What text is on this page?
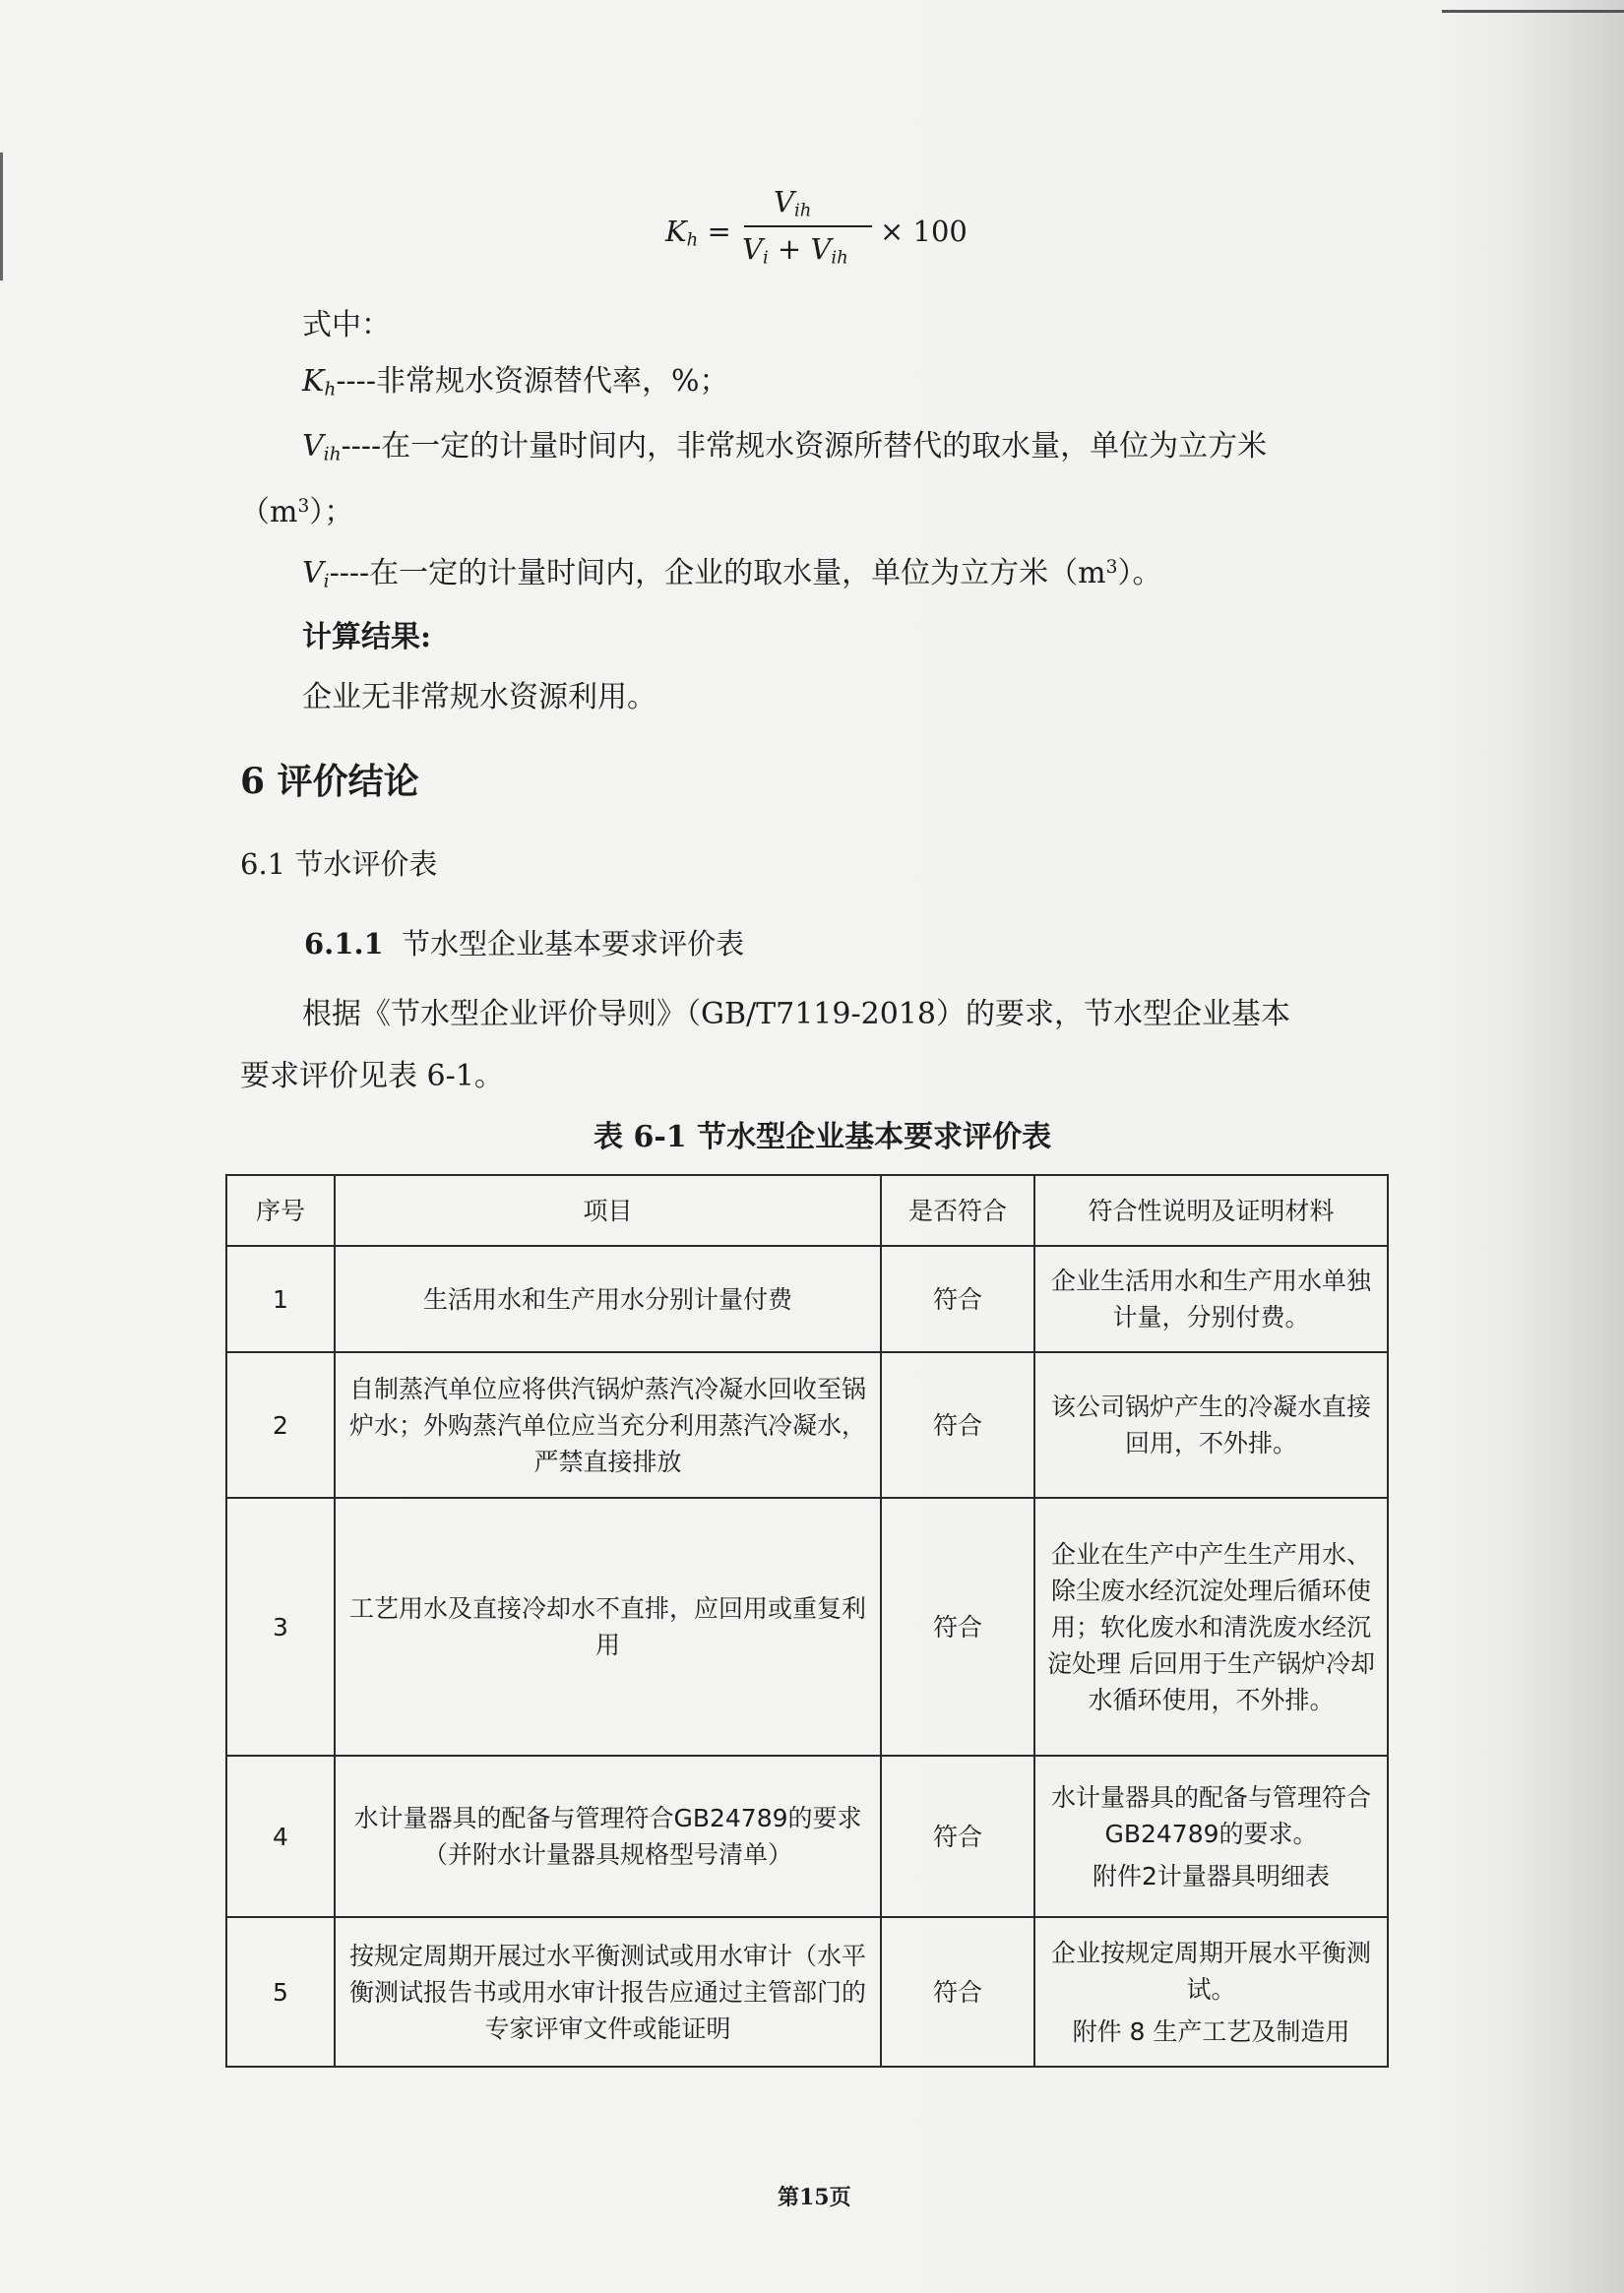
$K_h$ =
$V_{ih}$
$V_i + V_{ih}$
× 100
式中：
$K_h----$非常规水资源替代率，%；
$V_{ih}----$在一定的计量时间内，非常规水资源所替代的取水量，单位为立方米
$(m^3)$；
$V_i----$在一定的计量时间内，企业的取水量，单位为立方米$(m^3)$。
计算结果:
企业无非常规水资源利用。
6 评价结论
6.1 节水评价表
6.1.1 节水型企业基本要求评价表
根据《节水型企业评价导则》（GB/T7119-2018）的要求，节水型企业基本
要求评价见表 6-1。
表 6-1 节水型企业基本要求评价表
序号	项目	是否符合	符合性说明及证明材料
1	生活用水和生产用水分别计量付费	符合	企业生活用水和生产用水单独计量，分别付费。
2	自制蒸汽单位应将供汽锅炉蒸汽冷凝水回收至锅炉水；外购蒸汽单位应当充分利用蒸汽冷凝水，严禁直接排放	符合	该公司锅炉产生的冷凝水直接回用，不外排。
3	工艺用水及直接冷却水不直排，应回用或重复利用	符合	企业在生产中产生生产用水、除尘废水经沉淀处理后循环使用；软化废水和清洗废水经沉淀处理 后回用于生产锅炉冷却水循环使用，不外排。
4	水计量器具的配备与管理符合GB24789的要求（并附水计量器具规格型号清单）	符合	水计量器具的配备与管理符合GB24789的要求。
附件2计量器具明细表

5	按规定周期开展过水平衡测试或用水审计（水平衡测试报告书或用水审计报告应通过主管部门的专家评审文件或能证明	符合	企业按规定周期开展水平衡测试。
附件 8 生产工艺及制造用
第15页
